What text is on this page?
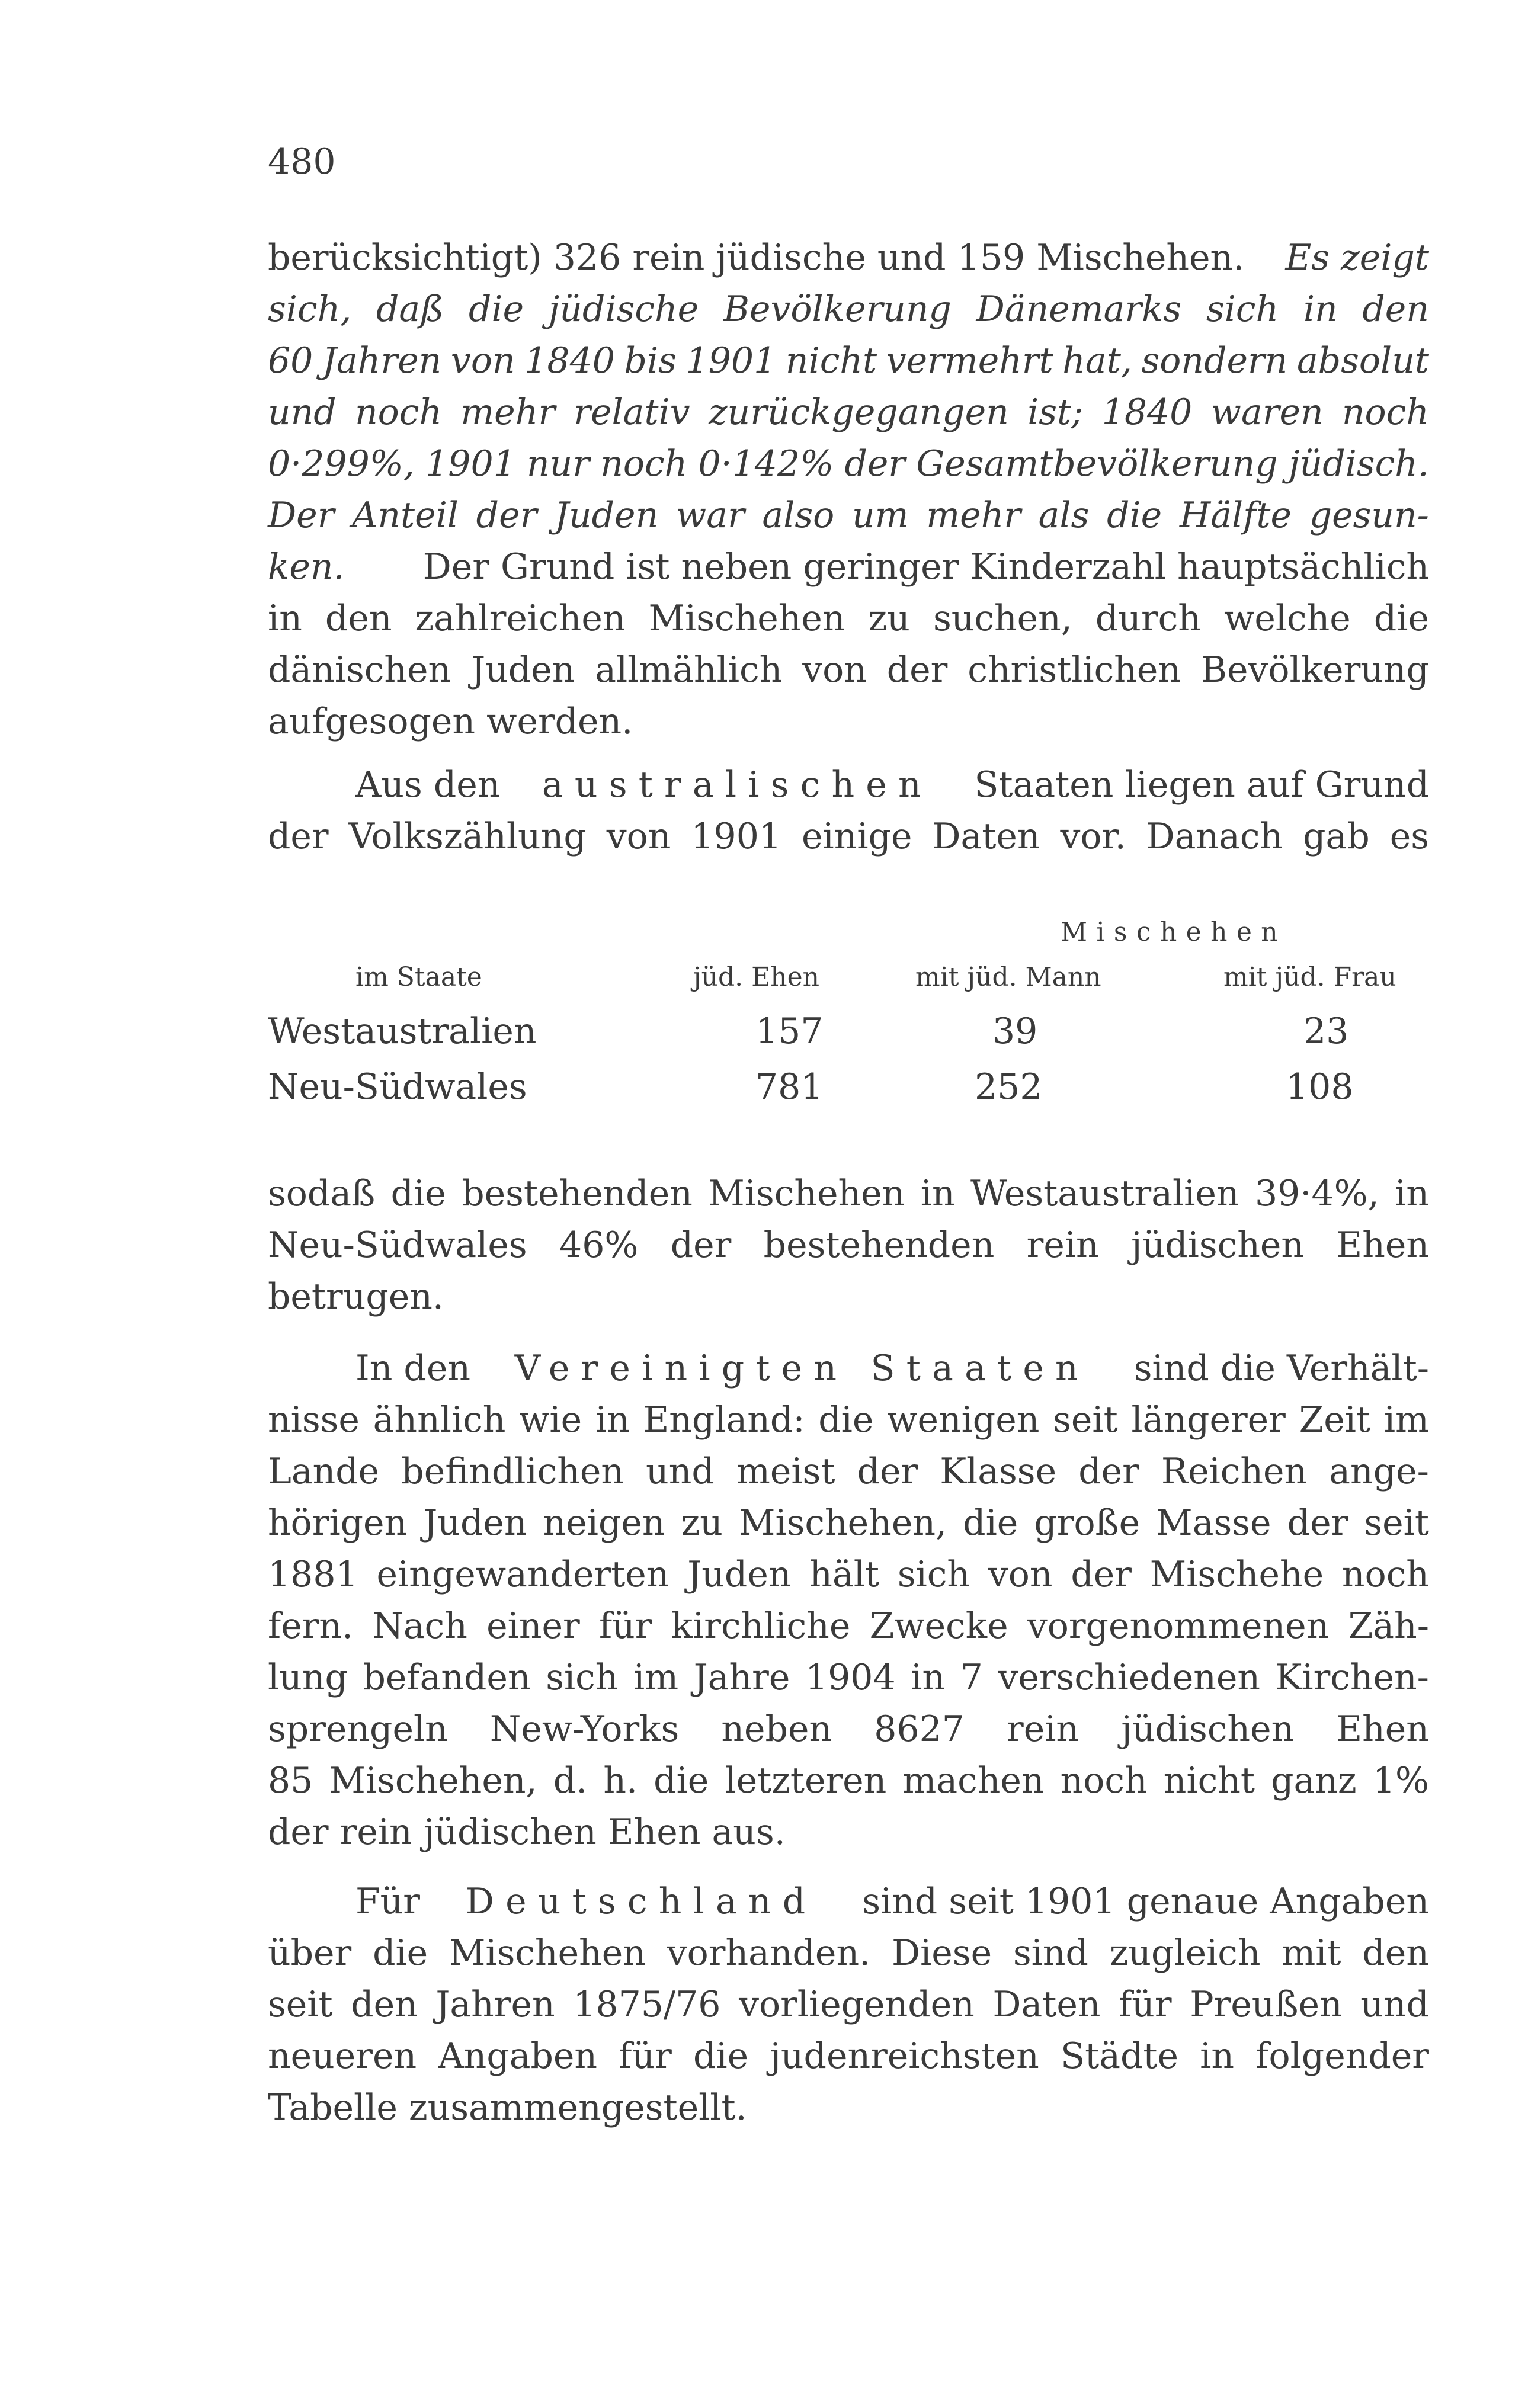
480
berücksichtigt) 326 rein jüdische und 159 Mischehen. Es zeigt
sich, daß die jüdische Bevölkerung Dänemarks sich in den
60 Jahren von 1840 bis 1901 nicht vermehrt hat, sondern absolut
und noch mehr relativ zurückgegangen ist; 1840 waren noch
0·299%, 1901 nur noch 0·142% der Gesamtbevölkerung jüdisch.
Der Anteil der Juden war also um mehr als die Hälfte gesun-
ken. Der Grund ist neben geringer Kinderzahl hauptsächlich
in den zahlreichen Mischehen zu suchen, durch welche die
dänischen Juden allmählich von der christlichen Bevölkerung
aufgesogen werden.
Aus den australischen Staaten liegen auf Grund
der Volkszählung von 1901 einige Daten vor. Danach gab es
Mischehen
im Staate	jüd. Ehen	mit jüd. Mann	mit jüd. Frau
Westaustralien	157	39	23
Neu-Südwales	781	252	108
sodaß die bestehenden Mischehen in Westaustralien 39·4%, in
Neu-Südwales 46% der bestehenden rein jüdischen Ehen
betrugen.
In den Vereinigten Staaten sind die Verhält-
nisse ähnlich wie in England: die wenigen seit längerer Zeit im
Lande befindlichen und meist der Klasse der Reichen ange-
hörigen Juden neigen zu Mischehen, die große Masse der seit
1881 eingewanderten Juden hält sich von der Mischehe noch
fern. Nach einer für kirchliche Zwecke vorgenommenen Zäh-
lung befanden sich im Jahre 1904 in 7 verschiedenen Kirchen-
sprengeln New-Yorks neben 8627 rein jüdischen Ehen
85 Mischehen, d. h. die letzteren machen noch nicht ganz 1%
der rein jüdischen Ehen aus.
Für Deutschland sind seit 1901 genaue Angaben
über die Mischehen vorhanden. Diese sind zugleich mit den
seit den Jahren 1875/76 vorliegenden Daten für Preußen und
neueren Angaben für die judenreichsten Städte in folgender
Tabelle zusammengestellt.
